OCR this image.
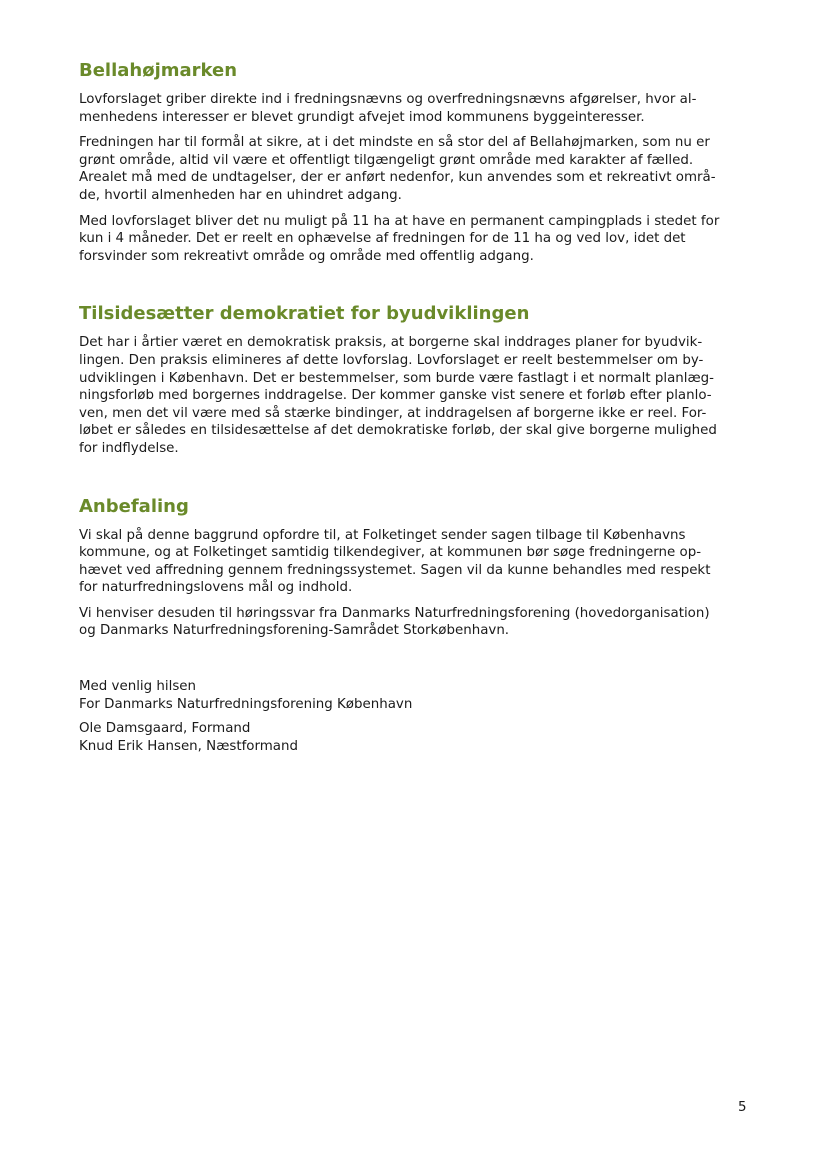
Bellahøjmarken

Lovforslaget griber direkte ind i fredningsnævns og overfredningsnævns afgørelser, hvor al-
menhedens interesser er blevet grundigt afvejet imod kommunens byggeinteresser.

Fredningen har til formål at sikre, at i det mindste en så stor del af Bellahøjmarken, som nu er
grønt område, altid vil være et offentligt tilgængeligt grønt område med karakter af fælled.
Arealet må med de undtagelser, der er anført nedenfor, kun anvendes som et rekreativt områ-
de, hvortil almenheden har en uhindret adgang.

Med lovforslaget bliver det nu muligt på 11 ha at have en permanent campingplads i stedet for
kun i 4 måneder. Det er reelt en ophævelse af fredningen for de 11 ha og ved lov, idet det
forsvinder som rekreativt område og område med offentlig adgang.

Tilsidesætter demokratiet for byudviklingen

Det har i årtier været en demokratisk praksis, at borgerne skal inddrages planer for byudvik-
lingen. Den praksis elimineres af dette lovforslag. Lovforslaget er reelt bestemmelser om by-
udviklingen i København. Det er bestemmelser, som burde være fastlagt i et normalt planlæg-
ningsforløb med borgernes inddragelse. Der kommer ganske vist senere et forløb efter planlo-
ven, men det vil være med så stærke bindinger, at inddragelsen af borgerne ikke er reel. For-
løbet er således en tilsidesættelse af det demokratiske forløb, der skal give borgerne mulighed
for indflydelse.

Anbefaling

Vi skal på denne baggrund opfordre til, at Folketinget sender sagen tilbage til Københavns
kommune, og at Folketinget samtidig tilkendegiver, at kommunen bør søge fredningerne op-
hævet ved affredning gennem fredningssystemet. Sagen vil da kunne behandles med respekt
for naturfredningslovens mål og indhold.

Vi henviser desuden til høringssvar fra Danmarks Naturfredningsforening (hovedorganisation)
og Danmarks Naturfredningsforening-Samrådet Storkøbenhavn.

Med venlig hilsen
For Danmarks Naturfredningsforening København

Ole Damsgaard, Formand
Knud Erik Hansen, Næstformand

5
